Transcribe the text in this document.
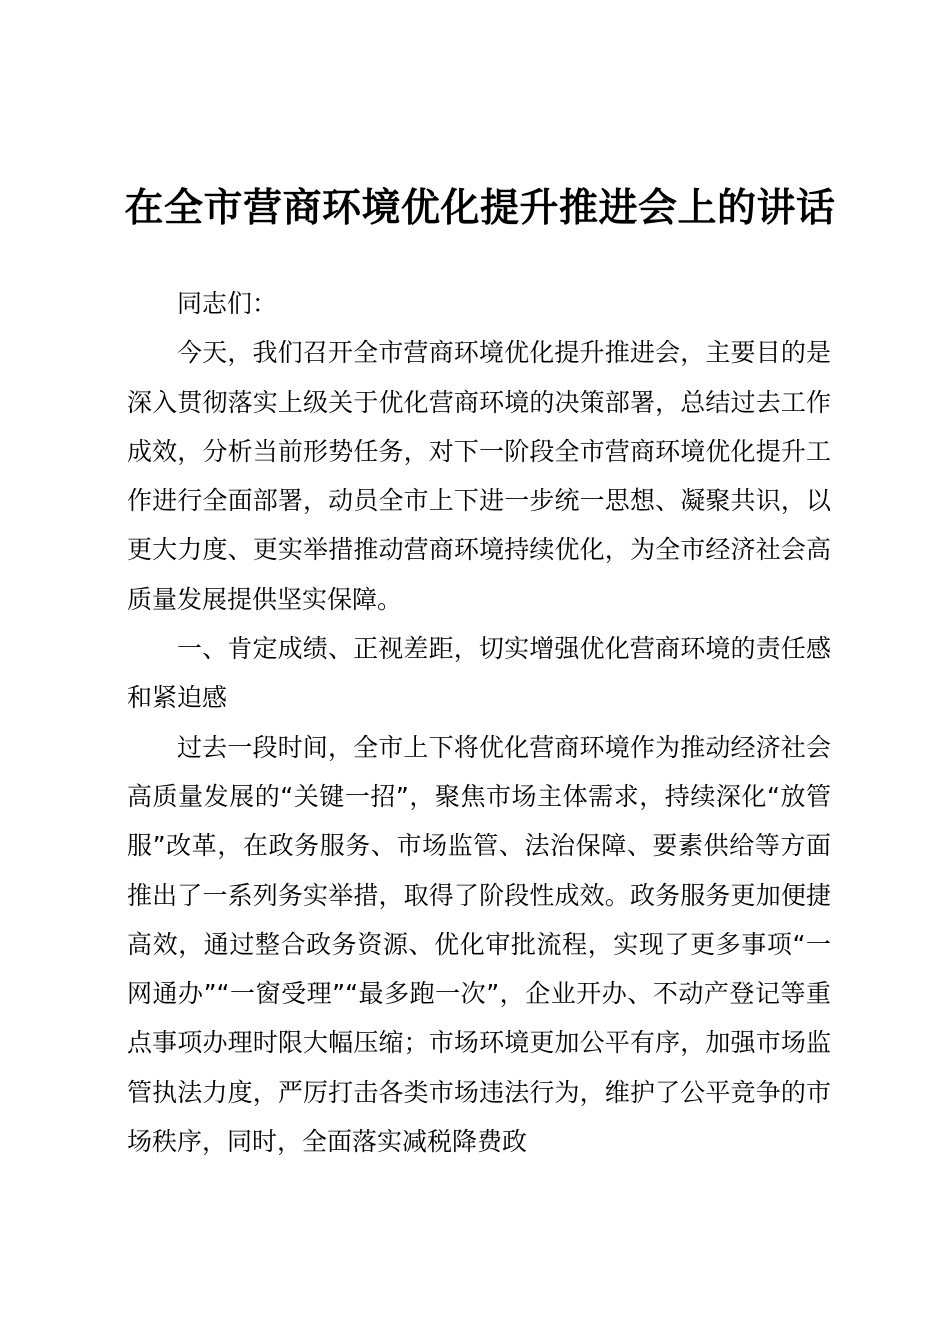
在全市营商环境优化提升推进会上的讲话

同志们：

今天，我们召开全市营商环境优化提升推进会，主要目的是深入贯彻落实上级关于优化营商环境的决策部署，总结过去工作成效，分析当前形势任务，对下一阶段全市营商环境优化提升工作进行全面部署，动员全市上下进一步统一思想、凝聚共识，以更大力度、更实举措推动营商环境持续优化，为全市经济社会高质量发展提供坚实保障。

一、肯定成绩、正视差距，切实增强优化营商环境的责任感和紧迫感

过去一段时间，全市上下将优化营商环境作为推动经济社会高质量发展的“关键一招”，聚焦市场主体需求，持续深化“放管服”改革，在政务服务、市场监管、法治保障、要素供给等方面推出了一系列务实举措，取得了阶段性成效。政务服务更加便捷高效，通过整合政务资源、优化审批流程，实现了更多事项“一网通办”“一窗受理”“最多跑一次”，企业开办、不动产登记等重点事项办理时限大幅压缩；市场环境更加公平有序，加强市场监管执法力度，严厉打击各类市场违法行为，维护了公平竞争的市场秩序，同时，全面落实减税降费政
